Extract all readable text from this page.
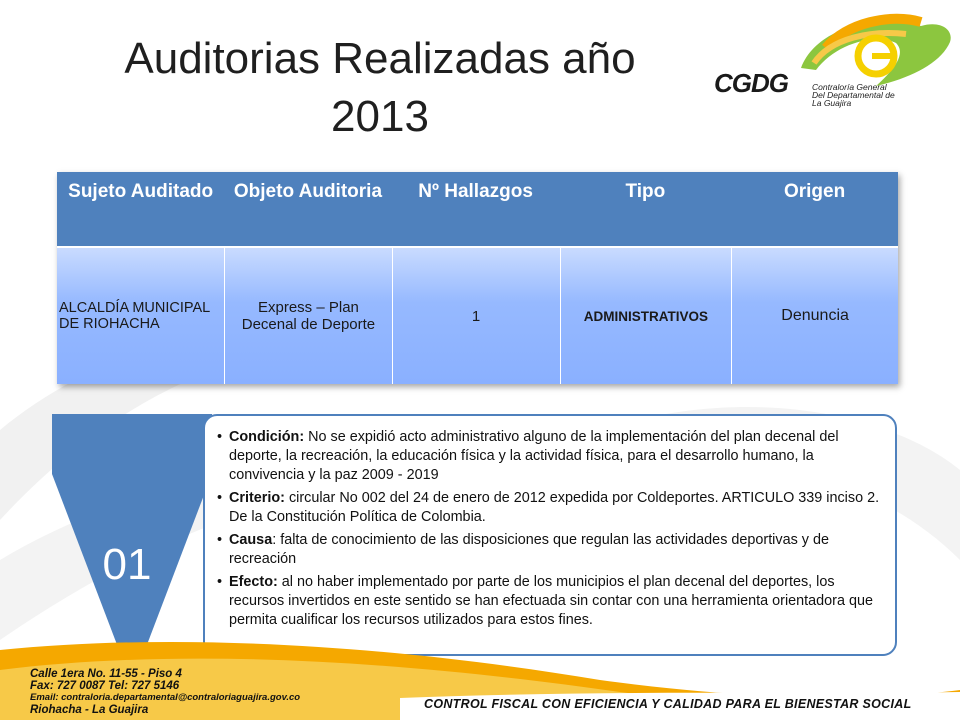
Auditorias Realizadas año
2013
CGDG	Contraloría General
Del Departamental de
La Guajira
Sujeto Auditado	Objeto Auditoria	Nº Hallazgos	Tipo	Origen
ALCALDÍA MUNICIPAL DE RIOHACHA	Express – Plan Decenal de Deporte	1	ADMINISTRATIVOS	Denuncia
01
• Condición: No se expidió acto administrativo alguno de la implementación del plan decenal del deporte, la recreación, la educación física y la actividad física, para el desarrollo humano, la convivencia y la paz 2009 - 2019
• Criterio: circular No 002 del 24 de enero de 2012 expedida por Coldeportes. ARTICULO 339 inciso 2. De la Constitución Política de Colombia.
• Causa: falta de conocimiento de las disposiciones que regulan las actividades deportivas y de recreación
• Efecto: al no haber implementado por parte de los municipios el plan decenal del deportes, los recursos invertidos en este sentido se han efectuada sin contar con una herramienta orientadora que permita cualificar los recursos utilizados para estos fines.
Calle 1era No. 11-55 - Piso 4
Fax: 727 0087 Tel: 727 5146
Email: contraloria.departamental@contraloriaguajira.gov.co
Riohacha - La Guajira	CONTROL FISCAL CON EFICIENCIA Y CALIDAD PARA EL BIENESTAR SOCIAL
